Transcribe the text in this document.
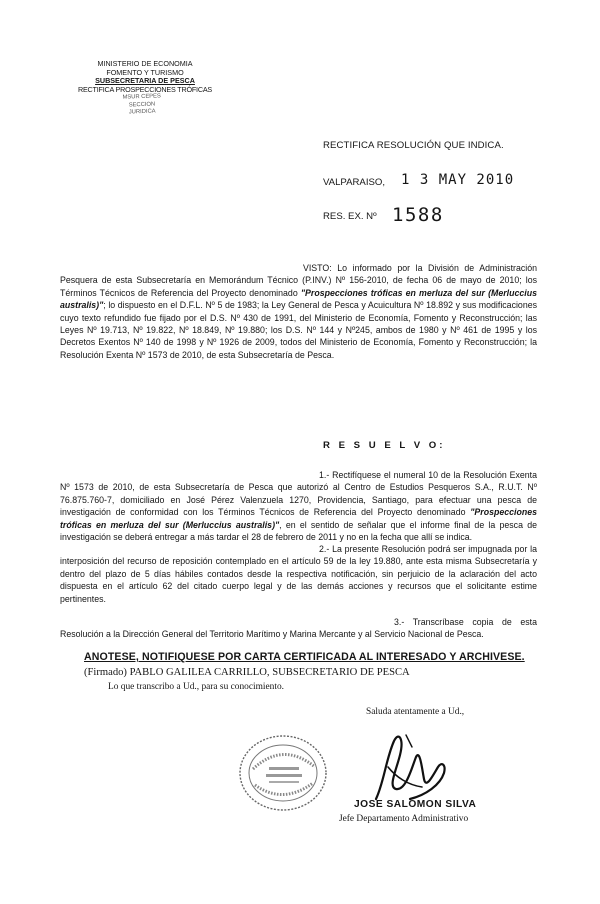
MINISTERIO DE ECONOMIA
FOMENTO Y TURISMO
SUBSECRETARIA DE PESCA
RECTIFICA PROSPECCIONES TRÓFICAS
MSUR CEPES
SECCION
JURIDICA
RECTIFICA RESOLUCIÓN QUE INDICA.
VALPARAISO, 1 3 MAY 2010
RES. EX. Nº 1588
VISTO: Lo informado por la División de Administración Pesquera de esta Subsecretaría en Memorándum Técnico (P.INV.) Nº 156-2010, de fecha 06 de mayo de 2010; los Términos Técnicos de Referencia del Proyecto denominado "Prospecciones tróficas en merluza del sur (Merluccius australis)"; lo dispuesto en el D.F.L. Nº 5 de 1983; la Ley General de Pesca y Acuicultura Nº 18.892 y sus modificaciones cuyo texto refundido fue fijado por el D.S. Nº 430 de 1991, del Ministerio de Economía, Fomento y Reconstrucción; las Leyes Nº 19.713, Nº 19.822, Nº 18.849, Nº 19.880; los D.S. Nº 144 y Nº245, ambos de 1980 y Nº 461 de 1995 y los Decretos Exentos Nº 140 de 1998 y Nº 1926 de 2009, todos del Ministerio de Economía, Fomento y Reconstrucción; la Resolución Exenta Nº 1573 de 2010, de esta Subsecretaría de Pesca.
R E S U E L V O:
1.- Rectifíquese el numeral 10 de la Resolución Exenta Nº 1573 de 2010, de esta Subsecretaría de Pesca que autorizó al Centro de Estudios Pesqueros S.A., R.U.T. Nº 76.875.760-7, domiciliado en José Pérez Valenzuela 1270, Providencia, Santiago, para efectuar una pesca de investigación de conformidad con los Términos Técnicos de Referencia del Proyecto denominado "Prospecciones tróficas en merluza del sur (Merluccius australis)", en el sentido de señalar que el informe final de la pesca de investigación se deberá entregar a más tardar el 28 de febrero de 2011 y no en la fecha que allí se indica.
2.- La presente Resolución podrá ser impugnada por la interposición del recurso de reposición contemplado en el artículo 59 de la ley 19.880, ante esta misma Subsecretaría y dentro del plazo de 5 días hábiles contados desde la respectiva notificación, sin perjuicio de la aclaración del acto dispuesta en el artículo 62 del citado cuerpo legal y de las demás acciones y recursos que el solicitante estime pertinentes.
3.- Transcríbase copia de esta Resolución a la Dirección General del Territorio Marítimo y Marina Mercante y al Servicio Nacional de Pesca.
ANOTESE, NOTIFIQUESE POR CARTA CERTIFICADA AL INTERESADO Y ARCHIVESE.
(Firmado) PABLO GALILEA CARRILLO, SUBSECRETARIO DE PESCA
Lo que transcribo a Ud., para su conocimiento.
Saluda atentamente a Ud.,
JOSE SALOMON SILVA
Jefe Departamento Administrativo
